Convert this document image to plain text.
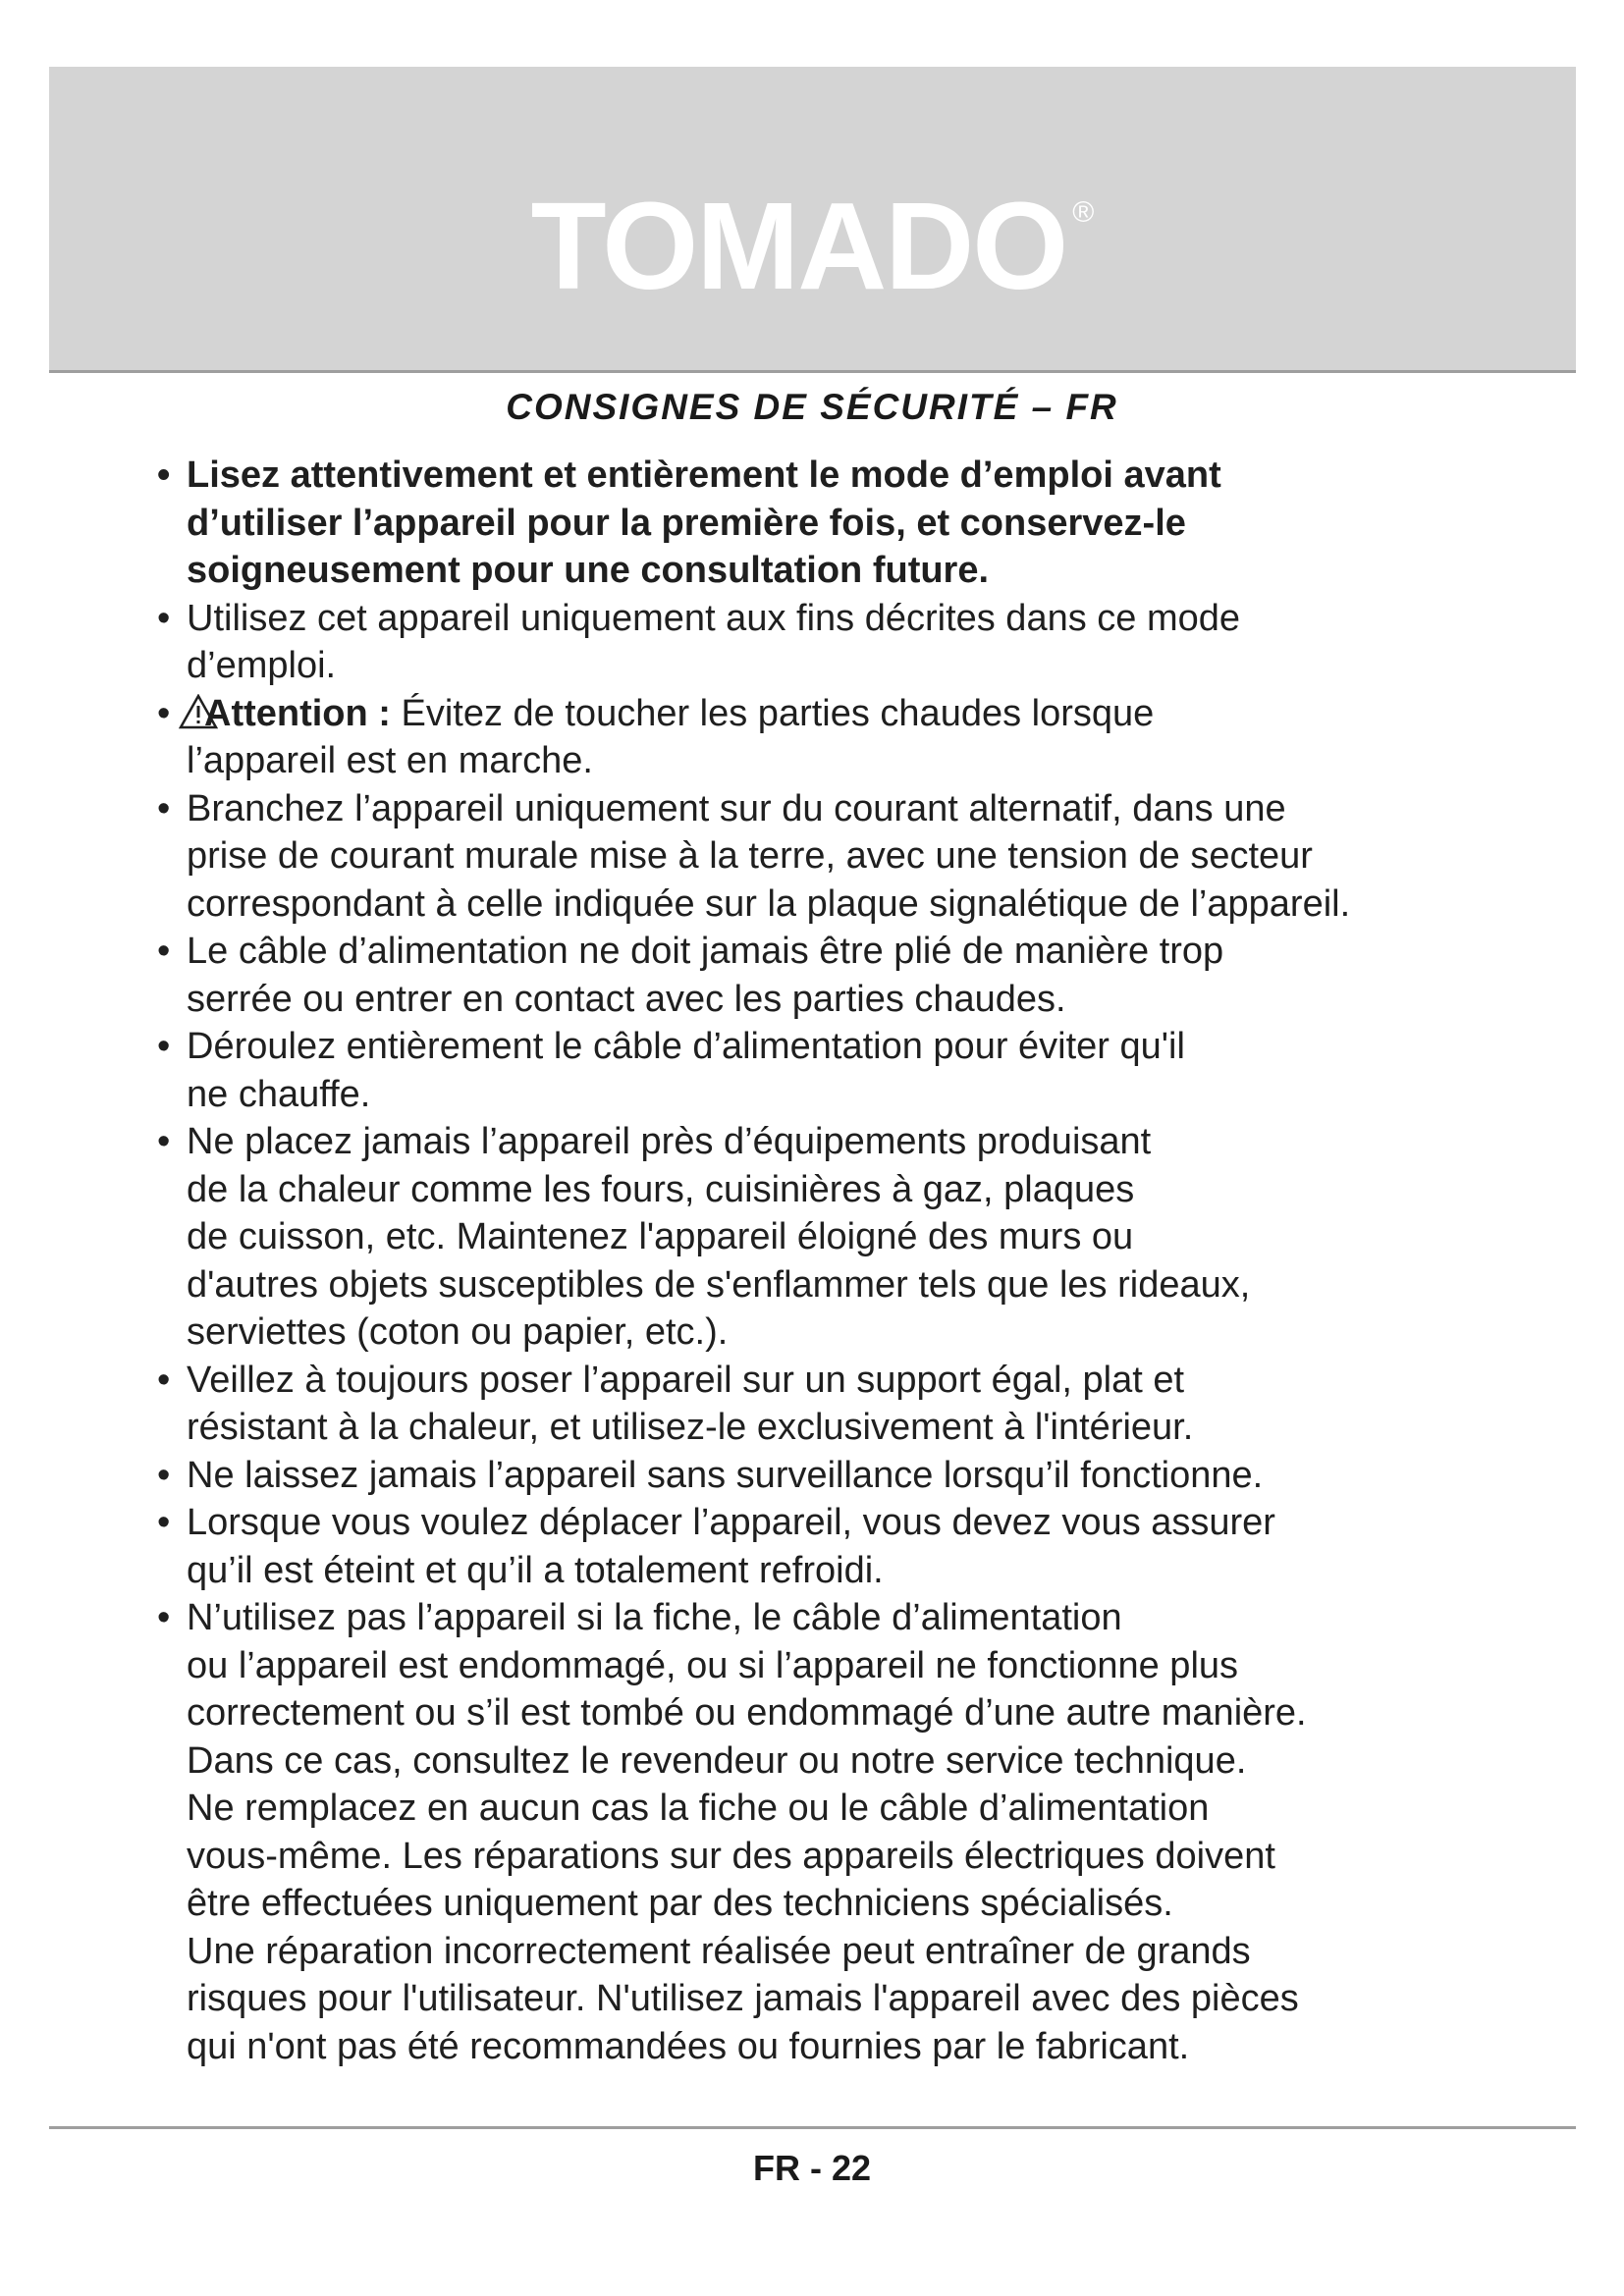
TOMADO ®
CONSIGNES DE SÉCURITÉ – FR
• Lisez attentivement et entièrement le mode d’emploi avant
d’utiliser l’appareil pour la première fois, et conservez-le
soigneusement pour une consultation future.
• Utilisez cet appareil uniquement aux fins décrites dans ce mode
d’emploi.
• Attention : Évitez de toucher les parties chaudes lorsque
l’appareil est en marche.
• Branchez l’appareil uniquement sur du courant alternatif, dans une
prise de courant murale mise à la terre, avec une tension de secteur
correspondant à celle indiquée sur la plaque signalétique de l’appareil.
• Le câble d’alimentation ne doit jamais être plié de manière trop
serrée ou entrer en contact avec les parties chaudes.
• Déroulez entièrement le câble d’alimentation pour éviter qu'il
ne chauffe.
• Ne placez jamais l’appareil près d’équipements produisant
de la chaleur comme les fours, cuisinières à gaz, plaques
de cuisson, etc. Maintenez l'appareil éloigné des murs ou
d'autres objets susceptibles de s'enflammer tels que les rideaux,
serviettes (coton ou papier, etc.).
• Veillez à toujours poser l’appareil sur un support égal, plat et
résistant à la chaleur, et utilisez-le exclusivement à l'intérieur.
• Ne laissez jamais l’appareil sans surveillance lorsqu’il fonctionne.
• Lorsque vous voulez déplacer l’appareil, vous devez vous assurer
qu’il est éteint et qu’il a totalement refroidi.
• N’utilisez pas l’appareil si la fiche, le câble d’alimentation
ou l’appareil est endommagé, ou si l’appareil ne fonctionne plus
correctement ou s’il est tombé ou endommagé d’une autre manière.
Dans ce cas, consultez le revendeur ou notre service technique.
Ne remplacez en aucun cas la fiche ou le câble d’alimentation
vous-même. Les réparations sur des appareils électriques doivent
être effectuées uniquement par des techniciens spécialisés.
Une réparation incorrectement réalisée peut entraîner de grands
risques pour l'utilisateur. N'utilisez jamais l'appareil avec des pièces
qui n'ont pas été recommandées ou fournies par le fabricant.
FR - 22
